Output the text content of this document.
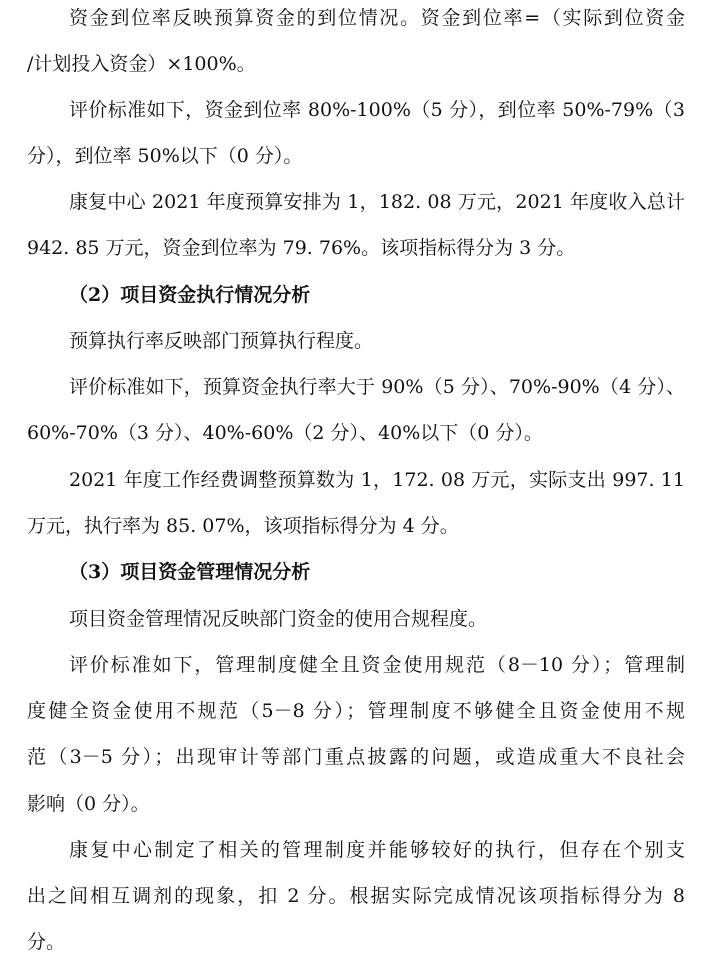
资金到位率反映预算资金的到位情况。资金到位率=（实际到位资金
/计划投入资金）×100%。
评价标准如下，资金到位率 80%-100%（5 分），到位率 50%-79%（3
分），到位率 50%以下（0 分）。
康复中心 2021 年度预算安排为 1，182. 08 万元，2021 年度收入总计
942. 85 万元，资金到位率为 79. 76%。该项指标得分为 3 分。
（2）项目资金执行情况分析
预算执行率反映部门预算执行程度。
评价标准如下，预算资金执行率大于 90%（5 分）、70%-90%（4 分）、
60%-70%（3 分）、40%-60%（2 分）、40%以下（0 分）。
2021 年度工作经费调整预算数为 1，172. 08 万元，实际支出 997. 11
万元，执行率为 85. 07%，该项指标得分为 4 分。
（3）项目资金管理情况分析
项目资金管理情况反映部门资金的使用合规程度。
评价标准如下，管理制度健全且资金使用规范（8－10 分）；管理制
度健全资金使用不规范（5－8 分）；管理制度不够健全且资金使用不规
范（3－5 分）；出现审计等部门重点披露的问题，或造成重大不良社会
影响（0 分）。
康复中心制定了相关的管理制度并能够较好的执行，但存在个别支
出之间相互调剂的现象，扣 2 分。根据实际完成情况该项指标得分为 8
分。
